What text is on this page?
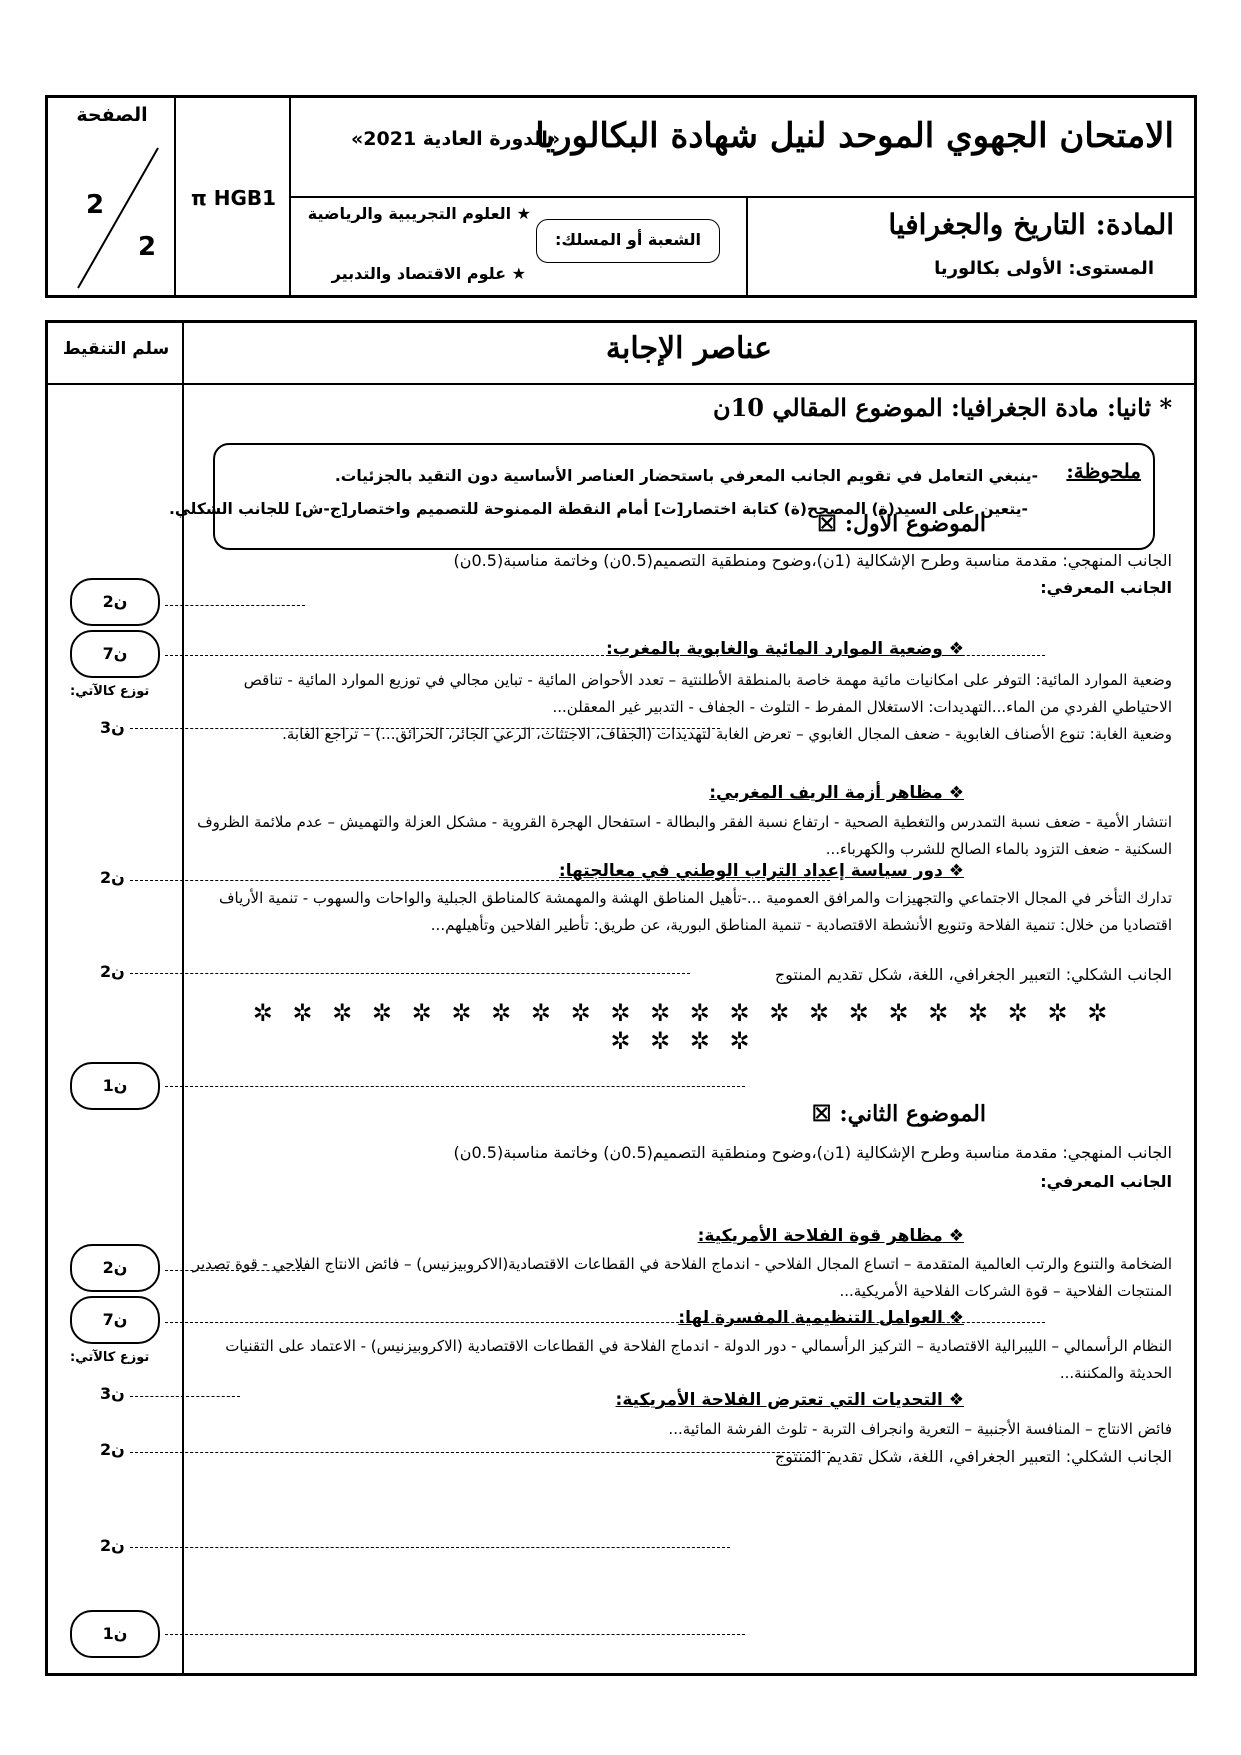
الصفحة
2
2
π HGB1
الامتحان الجهوي الموحد لنيل شهادة البكالوريا
«الدورة العادية 2021»
المادة: التاريخ والجغرافيا
المستوى: الأولى بكالوريا
الشعبة أو المسلك:
★ العلوم التجريبية والرياضية
★ علوم الاقتصاد والتدبير
سلم التنقيط	عناصر الإجابة
* ثانيا: مادة الجغرافيا: الموضوع المقالي 10ن
ملحوظة:
-ينبغي التعامل في تقويم الجانب المعرفي باستحضار العناصر الأساسية دون التقيد بالجزئيات.
-يتعين على السيد(ة) المصحح(ة) كتابة اختصار[ت] أمام النقطة الممنوحة للتصميم واختصار[ج-ش] للجانب الشكلي.
الموضوع الأول: ☒
الجانب المنهجي: مقدمة مناسبة وطرح الإشكالية (1ن)،وضوح ومنطقية التصميم(0.5ن) وخاتمة مناسبة(0.5ن)
الجانب المعرفي:
❖ وضعية الموارد المائية والغابوية بالمغرب:
وضعية الموارد المائية: التوفر على امكانيات مائية مهمة خاصة بالمنطقة الأطلنتية – تعدد الأحواض المائية - تباين مجالي في توزيع الموارد المائية - تناقص الاحتياطي الفردي من الماء...التهديدات: الاستغلال المفرط - التلوث - الجفاف - التدبير غير المعقلن...
وضعية الغابة: تنوع الأصناف الغابوية - ضعف المجال الغابوي – تعرض الغابة لتهديدات (الجفاف، الاجتثاث، الرعي الجائر، الحرائق...) – تراجع الغابة.
❖ مظاهر أزمة الريف المغربي:
انتشار الأمية - ضعف نسبة التمدرس والتغطية الصحية - ارتفاع نسبة الفقر والبطالة - استفحال الهجرة القروية - مشكل العزلة والتهميش – عدم ملائمة الظروف السكنية - ضعف التزود بالماء الصالح للشرب والكهرباء...
❖ دور سياسة إعداد التراب الوطني في معالجتها:
تدارك التأخر في المجال الاجتماعي والتجهيزات والمرافق العمومية ...-تأهيل المناطق الهشة والمهمشة كالمناطق الجبلية والواحات والسهوب - تنمية الأرياف اقتصاديا من خلال: تنمية الفلاحة وتنويع الأنشطة الاقتصادية - تنمية المناطق البورية، عن طريق: تأطير الفلاحين وتأهيلهم...
الجانب الشكلي: التعبير الجغرافي، اللغة، شكل تقديم المنتوج
✲ ✲ ✲ ✲ ✲ ✲ ✲ ✲ ✲ ✲ ✲ ✲ ✲ ✲ ✲ ✲ ✲ ✲ ✲ ✲ ✲ ✲ ✲ ✲ ✲ ✲
الموضوع الثاني: ☒
الجانب المنهجي: مقدمة مناسبة وطرح الإشكالية (1ن)،وضوح ومنطقية التصميم(0.5ن) وخاتمة مناسبة(0.5ن)
الجانب المعرفي:
❖ مظاهر قوة الفلاحة الأمريكية:
الضخامة والتنوع والرتب العالمية المتقدمة – اتساع المجال الفلاحي - اندماج الفلاحة في القطاعات الاقتصادية(الاكروبيزنيس) – فائض الانتاج الفلاحي - قوة تصدير المنتجات الفلاحية – قوة الشركات الفلاحية الأمريكية...
❖ العوامل التنظيمية المفسرة لها:
النظام الرأسمالي – الليبرالية الاقتصادية – التركيز الرأسمالي - دور الدولة - اندماج الفلاحة في القطاعات الاقتصادية (الاكروبيزنيس) - الاعتماد على التقنيات الحديثة والمكننة...
❖ التحديات التي تعترض الفلاحة الأمريكية:
فائض الانتاج – المنافسة الأجنبية – التعرية وانجراف التربة - تلوث الفرشة المائية...
الجانب الشكلي: التعبير الجغرافي، اللغة، شكل تقديم المنتوج
2ن
7ن
توزع كالآتي:
3ن
2ن
2ن
1ن
2ن
7ن
توزع كالآتي:
3ن
2ن
2ن
1ن
